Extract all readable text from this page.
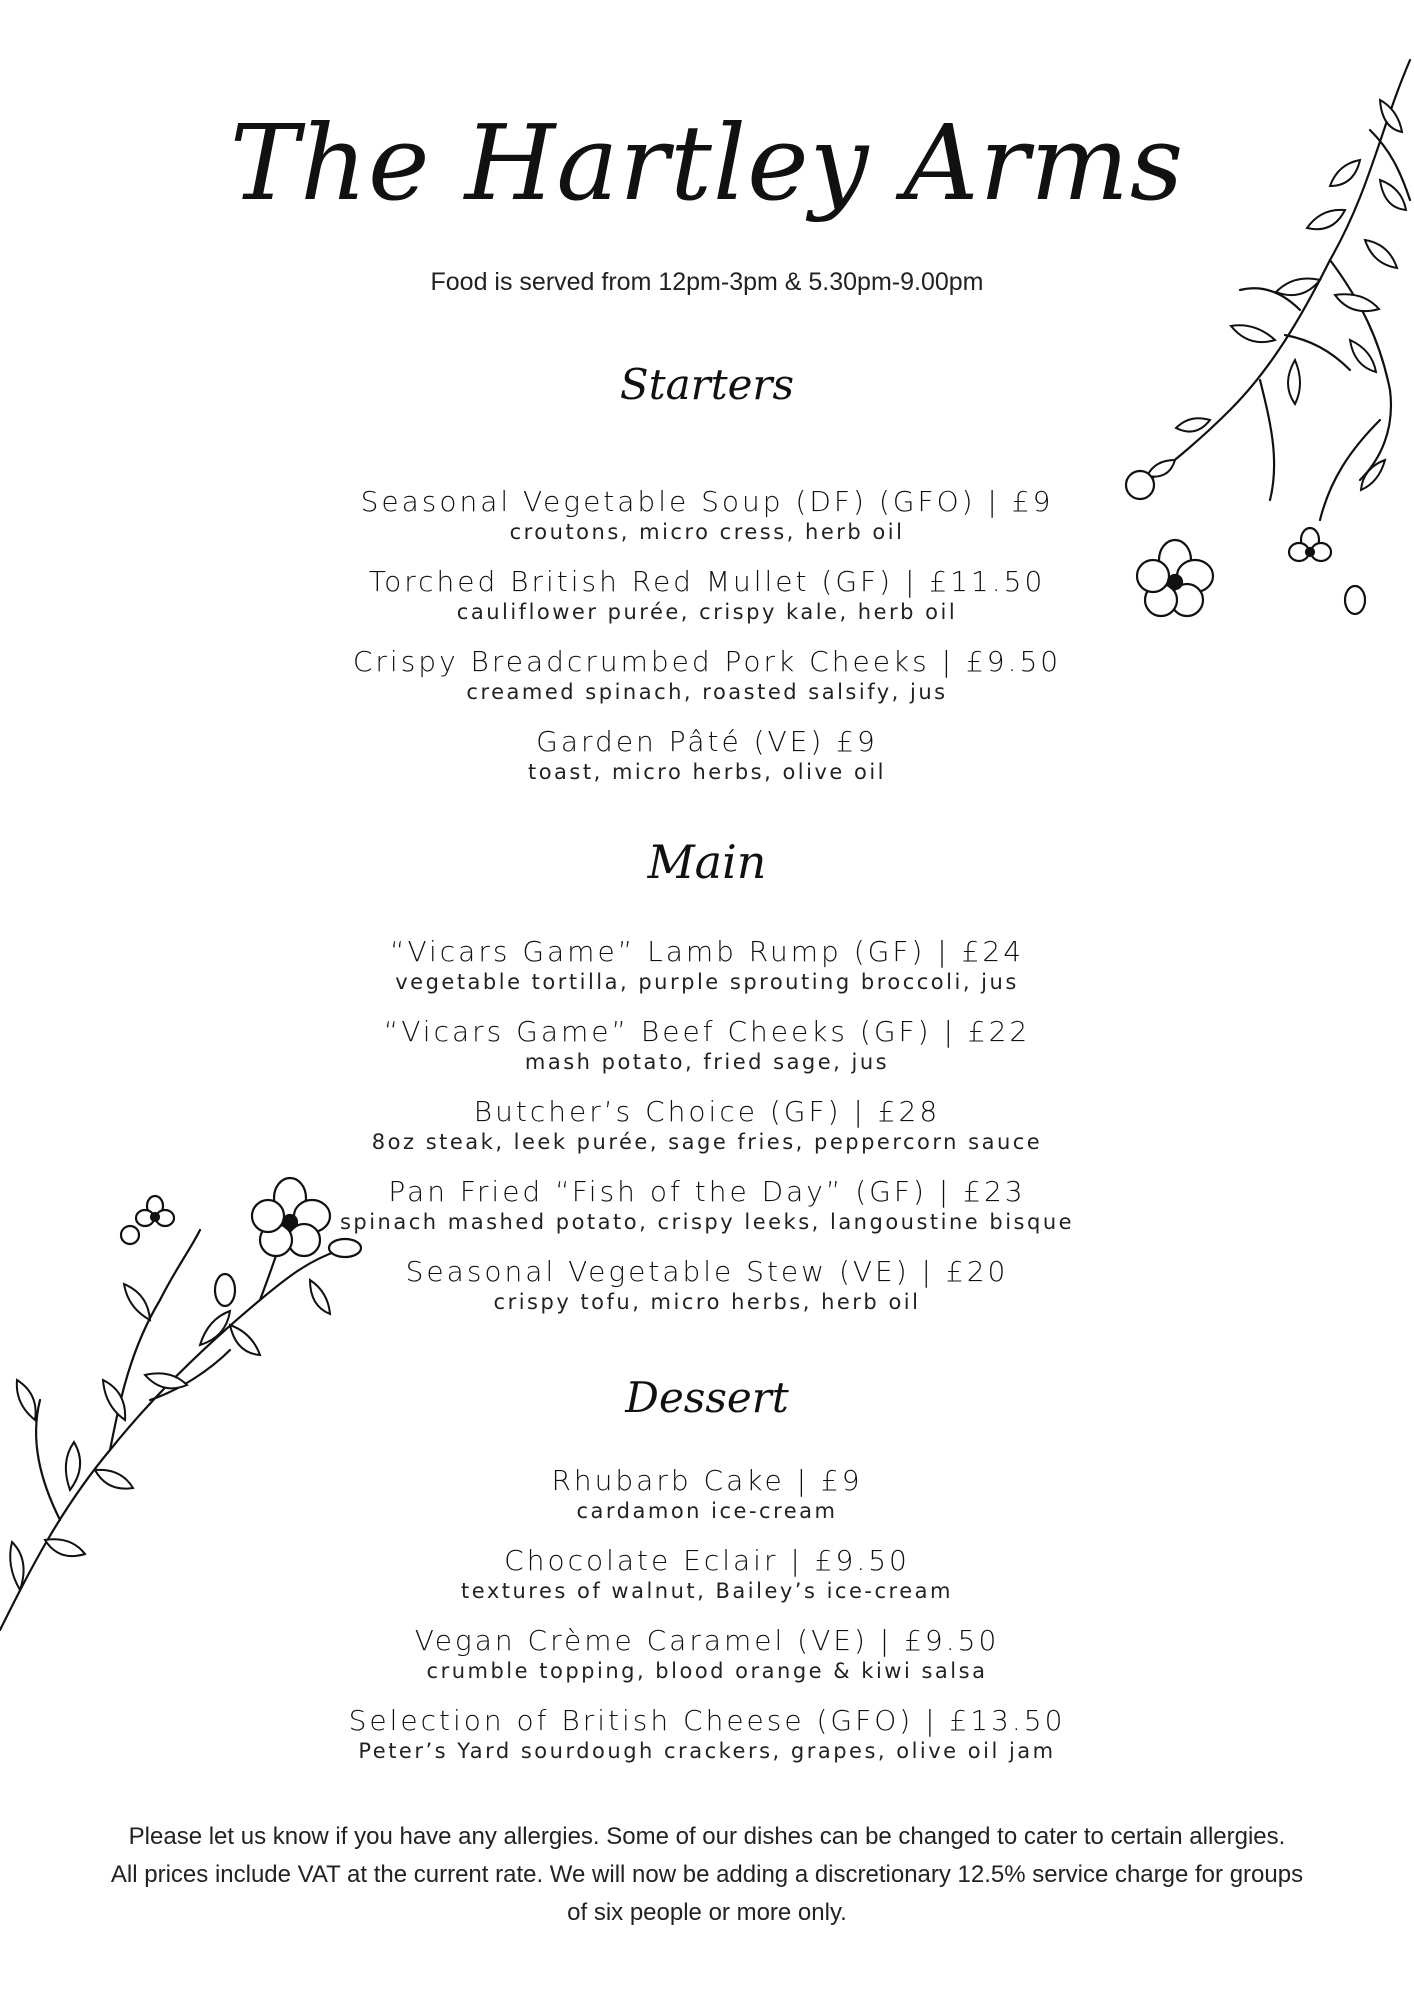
The Hartley Arms
Food is served from 12pm-3pm & 5.30pm-9.00pm
Starters
Seasonal Vegetable Soup (DF) (GFO) | £9
croutons, micro cress, herb oil
Torched British Red Mullet (GF) | £11.50
cauliflower purée, crispy kale, herb oil
Crispy Breadcrumbed Pork Cheeks | £9.50
creamed spinach, roasted salsify, jus
Garden Pâté (VE) £9
toast, micro herbs, olive oil
Main
“Vicars Game” Lamb Rump (GF) | £24
vegetable tortilla, purple sprouting broccoli, jus
“Vicars Game” Beef Cheeks (GF) | £22
mash potato, fried sage, jus
Butcher’s Choice (GF) | £28
8oz steak, leek purée, sage fries, peppercorn sauce
Pan Fried “Fish of the Day” (GF) | £23
spinach mashed potato, crispy leeks, langoustine bisque
Seasonal Vegetable Stew (VE) | £20
crispy tofu, micro herbs, herb oil
Dessert
Rhubarb Cake | £9
cardamon ice-cream
Chocolate Eclair | £9.50
textures of walnut, Bailey’s ice-cream
Vegan Crème Caramel (VE) | £9.50
crumble topping, blood orange & kiwi salsa
Selection of British Cheese (GFO) | £13.50
Peter’s Yard sourdough crackers, grapes, olive oil jam
Please let us know if you have any allergies. Some of our dishes can be changed to cater to certain allergies.
All prices include VAT at the current rate. We will now be adding a discretionary 12.5% service charge for groups
of six people or more only.
